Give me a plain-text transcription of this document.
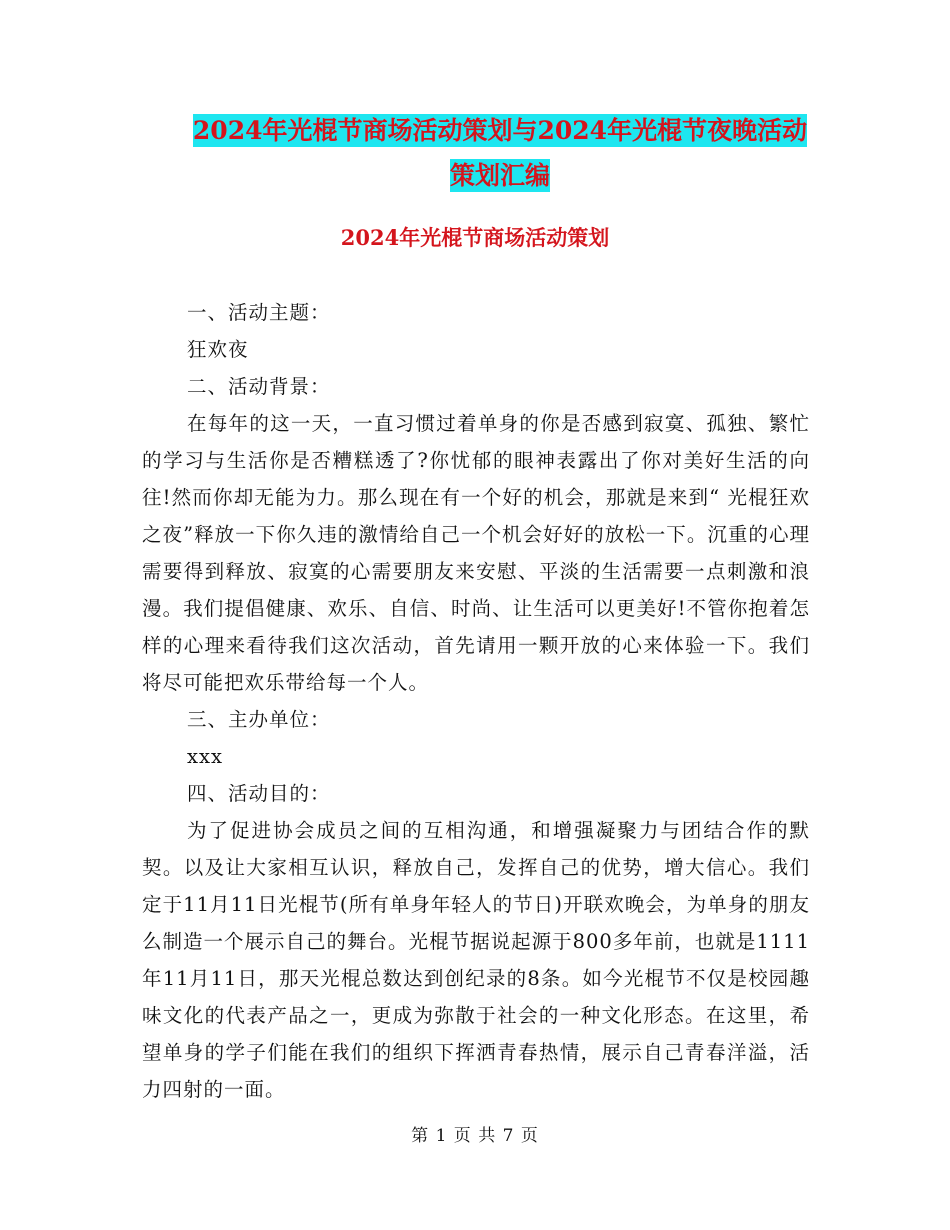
2024年光棍节商场活动策划与2024年光棍节夜晚活动
策划汇编
2024年光棍节商场活动策划

一、活动主题：

狂欢夜

二、活动背景：

在每年的这一天，一直习惯过着单身的你是否感到寂寞、孤独、繁忙的学习与生活你是否糟糕透了?你忧郁的眼神表露出了你对美好生活的向往!然而你却无能为力。那么现在有一个好的机会，那就是来到“ 光棍狂欢之夜”释放一下你久违的激情给自己一个机会好好的放松一下。沉重的心理需要得到释放、寂寞的心需要朋友来安慰、平淡的生活需要一点刺激和浪漫。我们提倡健康、欢乐、自信、时尚、让生活可以更美好!不管你抱着怎样的心理来看待我们这次活动，首先请用一颗开放的心来体验一下。我们将尽可能把欢乐带给每一个人。

三、主办单位：

xxx

四、活动目的：

为了促进协会成员之间的互相沟通，和增强凝聚力与团结合作的默契。以及让大家相互认识，释放自己，发挥自己的优势，增大信心。我们定于11月11日光棍节(所有单身年轻人的节日)开联欢晚会，为单身的朋友么制造一个展示自己的舞台。光棍节据说起源于800多年前，也就是1111年11月11日，那天光棍总数达到创纪录的8条。如今光棍节不仅是校园趣味文化的代表产品之一，更成为弥散于社会的一种文化形态。在这里，希望单身的学子们能在我们的组织下挥洒青春热情，展示自己青春洋溢，活力四射的一面。

第 1 页 共 7 页
